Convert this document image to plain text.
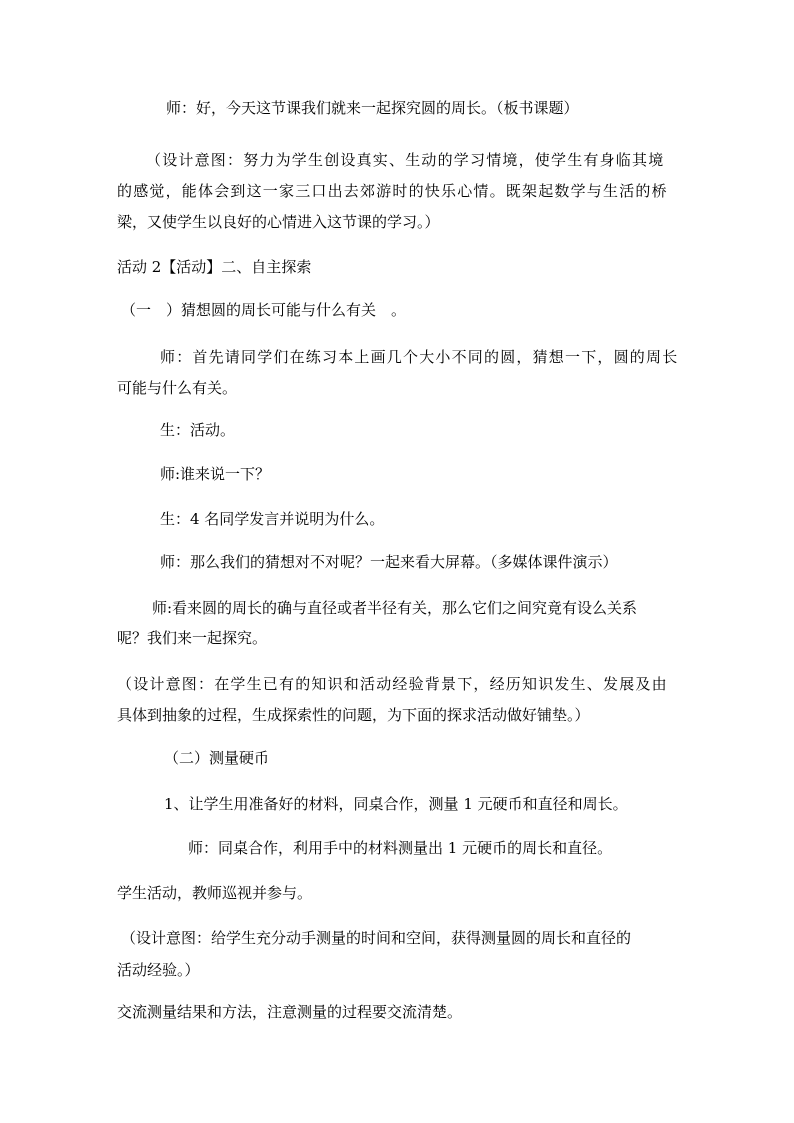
师：好，今天这节课我们就来一起探究圆的周长。（板书课题）
（设计意图：努力为学生创设真实、生动的学习情境，使学生有身临其境
的感觉，能体会到这一家三口出去郊游时的快乐心情。既架起数学与生活的桥
梁，又使学生以良好的心情进入这节课的学习。）
活动 2【活动】二、自主探索
（一　）猜想圆的周长可能与什么有关　。
师：首先请同学们在练习本上画几个大小不同的圆，猜想一下，圆的周长
可能与什么有关。
生：活动。
师:谁来说一下？
生：4 名同学发言并说明为什么。
师：那么我们的猜想对不对呢？一起来看大屏幕。（多媒体课件演示）
师:看来圆的周长的确与直径或者半径有关，那么它们之间究竟有设么关系
呢？我们来一起探究。
（设计意图：在学生已有的知识和活动经验背景下，经历知识发生、发展及由
具体到抽象的过程，生成探索性的问题，为下面的探求活动做好铺垫。）
（二）测量硬币
1、让学生用准备好的材料，同桌合作，测量 1 元硬币和直径和周长。
师：同桌合作，利用手中的材料测量出 1 元硬币的周长和直径。
学生活动，教师巡视并参与。
（设计意图：给学生充分动手测量的时间和空间，获得测量圆的周长和直径的
活动经验。）
交流测量结果和方法，注意测量的过程要交流清楚。
